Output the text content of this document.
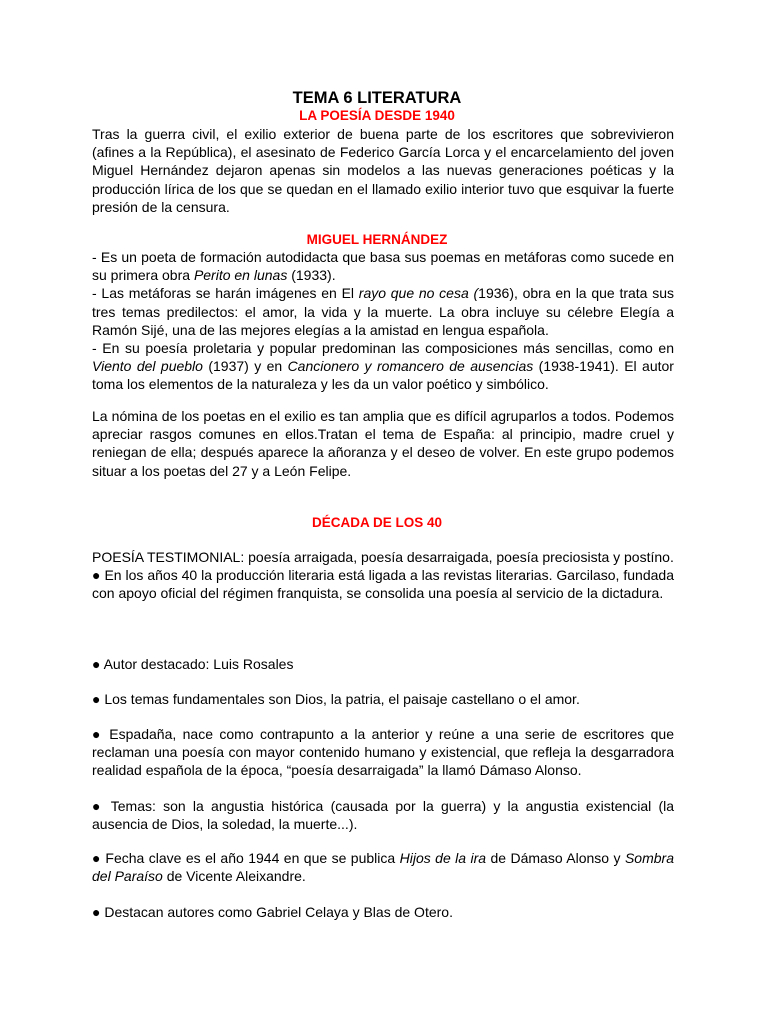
TEMA 6 LITERATURA
LA POESÍA DESDE 1940

Tras la guerra civil, el exilio exterior de buena parte de los escritores que sobrevivieron (afines a la República), el asesinato de Federico García Lorca y el encarcelamiento del joven Miguel Hernández dejaron apenas sin modelos a las nuevas generaciones poéticas y la producción lírica de los que se quedan en el llamado exilio interior tuvo que esquivar la fuerte presión de la censura.

MIGUEL HERNÁNDEZ

- Es un poeta de formación autodidacta que basa sus poemas en metáforas como sucede en su primera obra Perito en lunas (1933).

- Las metáforas se harán imágenes en El rayo que no cesa (1936), obra en la que trata sus tres temas predilectos: el amor, la vida y la muerte. La obra incluye su célebre Elegía a Ramón Sijé, una de las mejores elegías a la amistad en lengua española.

- En su poesía proletaria y popular predominan las composiciones más sencillas, como en Viento del pueblo (1937) y en Cancionero y romancero de ausencias (1938-1941). El autor toma los elementos de la naturaleza y les da un valor poético y simbólico.

La nómina de los poetas en el exilio es tan amplia que es difícil agruparlos a todos. Podemos apreciar rasgos comunes en ellos.Tratan el tema de España: al principio, madre cruel y reniegan de ella; después aparece la añoranza y el deseo de volver. En este grupo podemos situar a los poetas del 27 y a León Felipe.

DÉCADA DE LOS 40

POESÍA TESTIMONIAL: poesía arraigada, poesía desarraigada, poesía preciosista y postíno.

● En los años 40 la producción literaria está ligada a las revistas literarias. Garcilaso, fundada con apoyo oficial del régimen franquista, se consolida una poesía al servicio de la dictadura.

● Autor destacado: Luis Rosales

● Los temas fundamentales son Dios, la patria, el paisaje castellano o el amor.

● Espadaña, nace como contrapunto a la anterior y reúne a una serie de escritores que reclaman una poesía con mayor contenido humano y existencial, que refleja la desgarradora realidad española de la época, “poesía desarraigada” la llamó Dámaso Alonso.

● Temas: son la angustia histórica (causada por la guerra) y la angustia existencial (la ausencia de Dios, la soledad, la muerte...).

● Fecha clave es el año 1944 en que se publica Hijos de la ira de Dámaso Alonso y Sombra del Paraíso de Vicente Aleixandre.

● Destacan autores como Gabriel Celaya y Blas de Otero.
